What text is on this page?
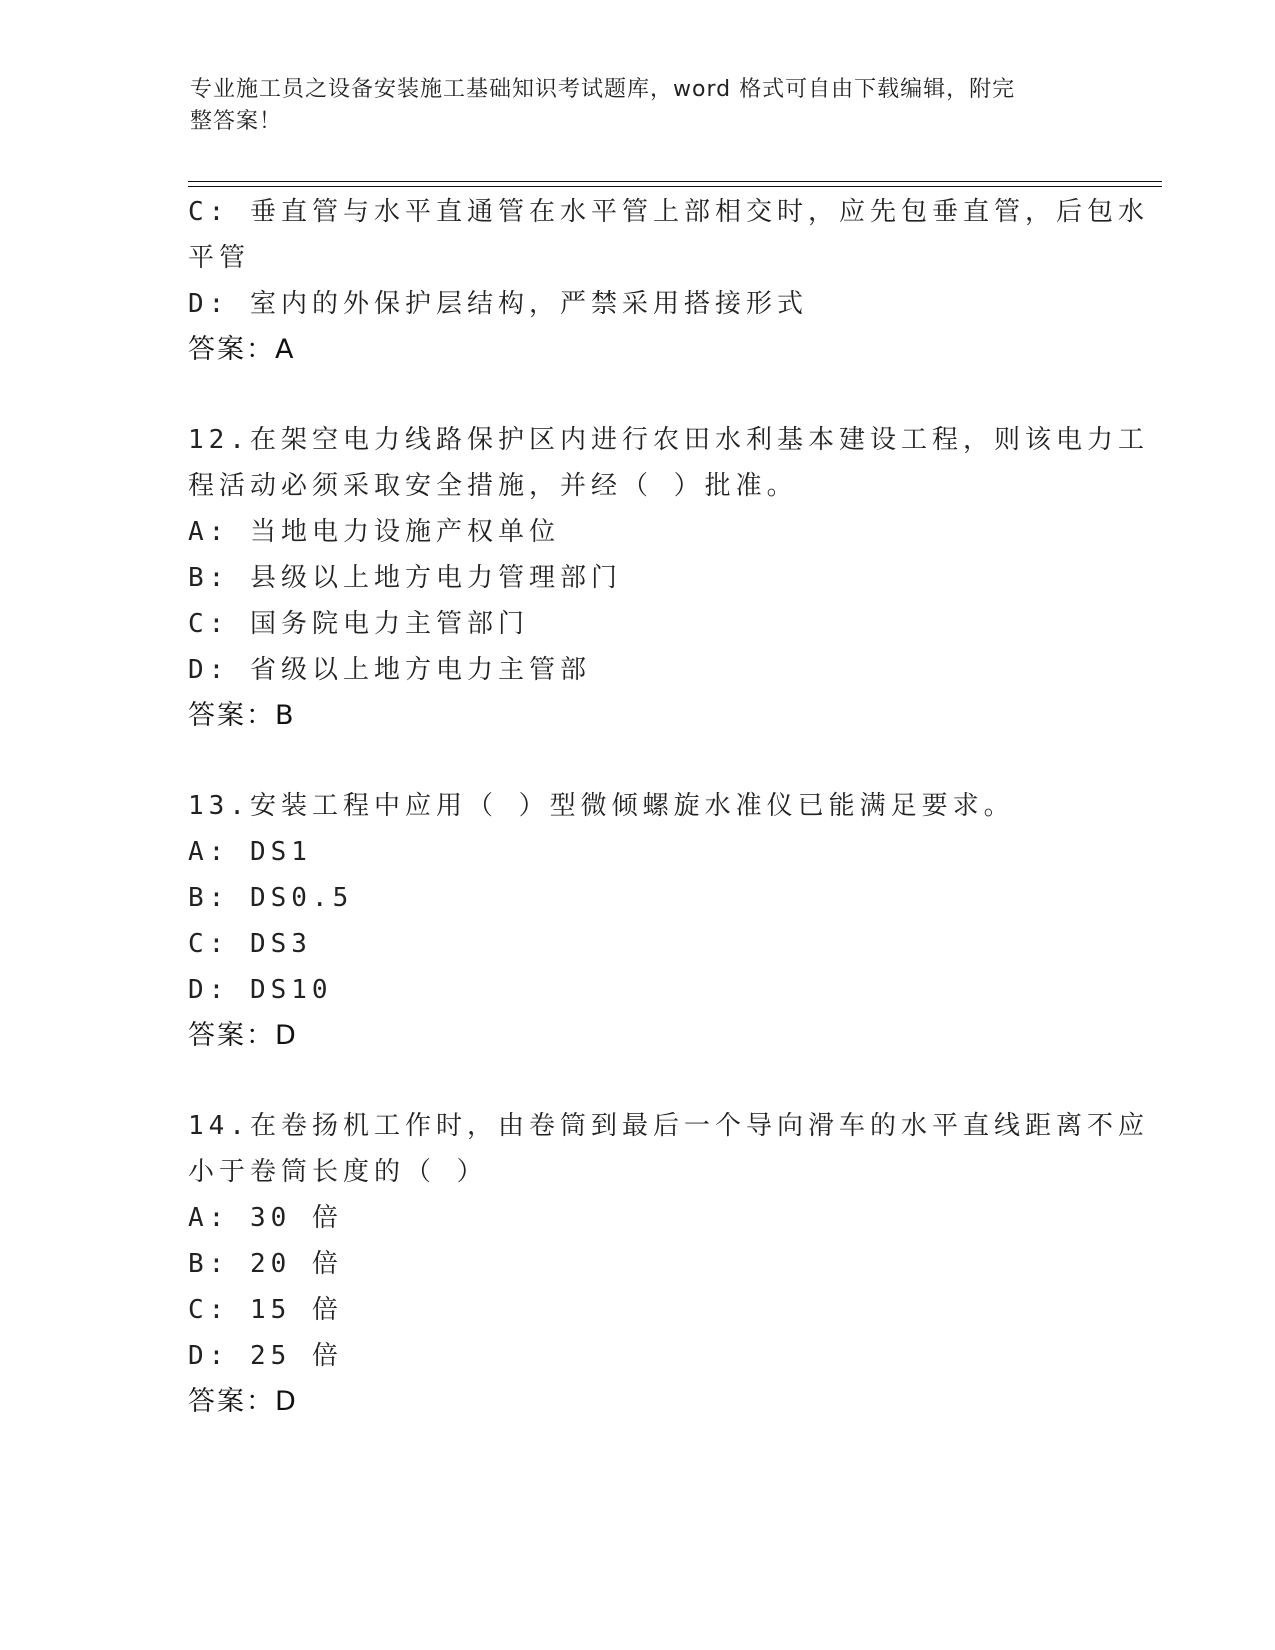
专业施工员之设备安装施工基础知识考试题库，word 格式可自由下载编辑，附完
整答案！
C: 垂直管与水平直通管在水平管上部相交时，应先包垂直管，后包水
平管
D: 室内的外保护层结构，严禁采用搭接形式
答案：A
12.在架空电力线路保护区内进行农田水利基本建设工程，则该电力工
程活动必须采取安全措施，并经（ ）批准。
A: 当地电力设施产权单位
B: 县级以上地方电力管理部门
C: 国务院电力主管部门
D: 省级以上地方电力主管部
答案：B
13.安装工程中应用（ ）型微倾螺旋水准仪已能满足要求。
A: DS1
B: DS0.5
C: DS3
D: DS10
答案：D
14.在卷扬机工作时，由卷筒到最后一个导向滑车的水平直线距离不应
小于卷筒长度的（ ）
A: 30 倍
B: 20 倍
C: 15 倍
D: 25 倍
答案：D
